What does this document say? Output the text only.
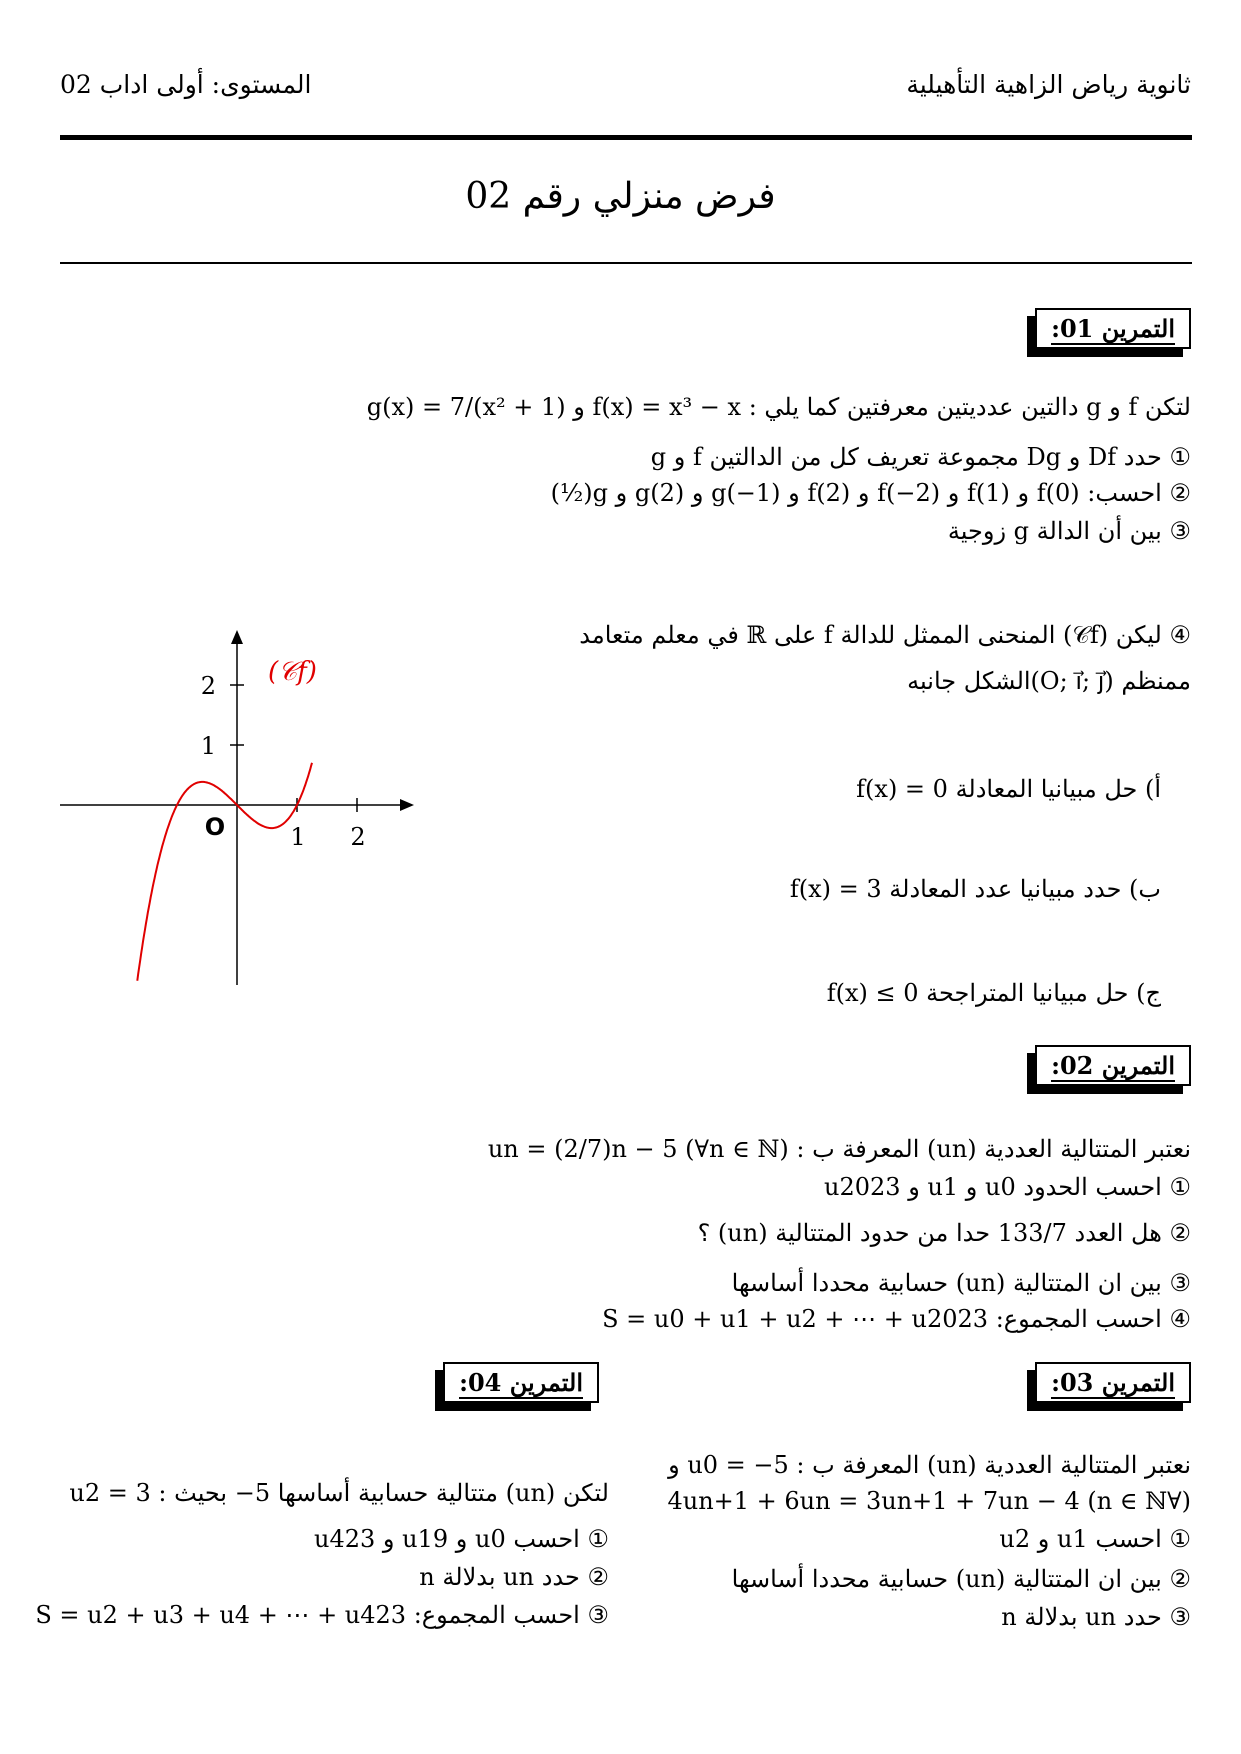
ثانوية رياض الزاهية التأهيلية
المستوى: أولى اداب 02
فرض منزلي رقم 02
التمرين 01:
لتكن f و g دالتين عدديتين معرفتين كما يلي : f(x) = x³ − x و g(x) = 7/(x² + 1)
① حدد Df و Dg مجموعة تعريف كل من الدالتين f و g
② احسب: f(0) و f(1) و f(−2) و f(2) و g(−1) و g(2) و g(½)
③ بين أن الدالة g زوجية
④ ليكن (𝒞f) المنحنى الممثل للدالة f على ℝ في معلم متعامد
ممنظم (O; i⃗; j⃗)الشكل جانبه
أ) حل مبيانيا المعادلة f(x) = 0
ب) حدد مبيانيا عدد المعادلة f(x) = 3
ج) حل مبيانيا المتراجحة f(x) ≤ 0
1 2
1
2
O
(𝒞f)
التمرين 02:
نعتبر المتتالية العددية (un) المعرفة ب : un = (2/7)n − 5 (∀n ∈ ℕ)
① احسب الحدود u0 و u1 و u2023
② هل العدد 133/7 حدا من حدود المتتالية (un) ؟
③ بين ان المتتالية (un) حسابية محددا أساسها
④ احسب المجموع: S = u0 + u1 + u2 + ⋯ + u2023
التمرين 03:
نعتبر المتتالية العددية (un) المعرفة ب : u0 = −5 و
(∀n ∈ ℕ) 4un+1 + 6un = 3un+1 + 7un − 4
① احسب u1 و u2
② بين ان المتتالية (un) حسابية محددا أساسها
③ حدد un بدلالة n
التمرين 04:
لتكن (un) متتالية حسابية أساسها 5− بحيث : u2 = 3
① احسب u0 و u19 و u423
② حدد un بدلالة n
③ احسب المجموع: S = u2 + u3 + u4 + ⋯ + u423
